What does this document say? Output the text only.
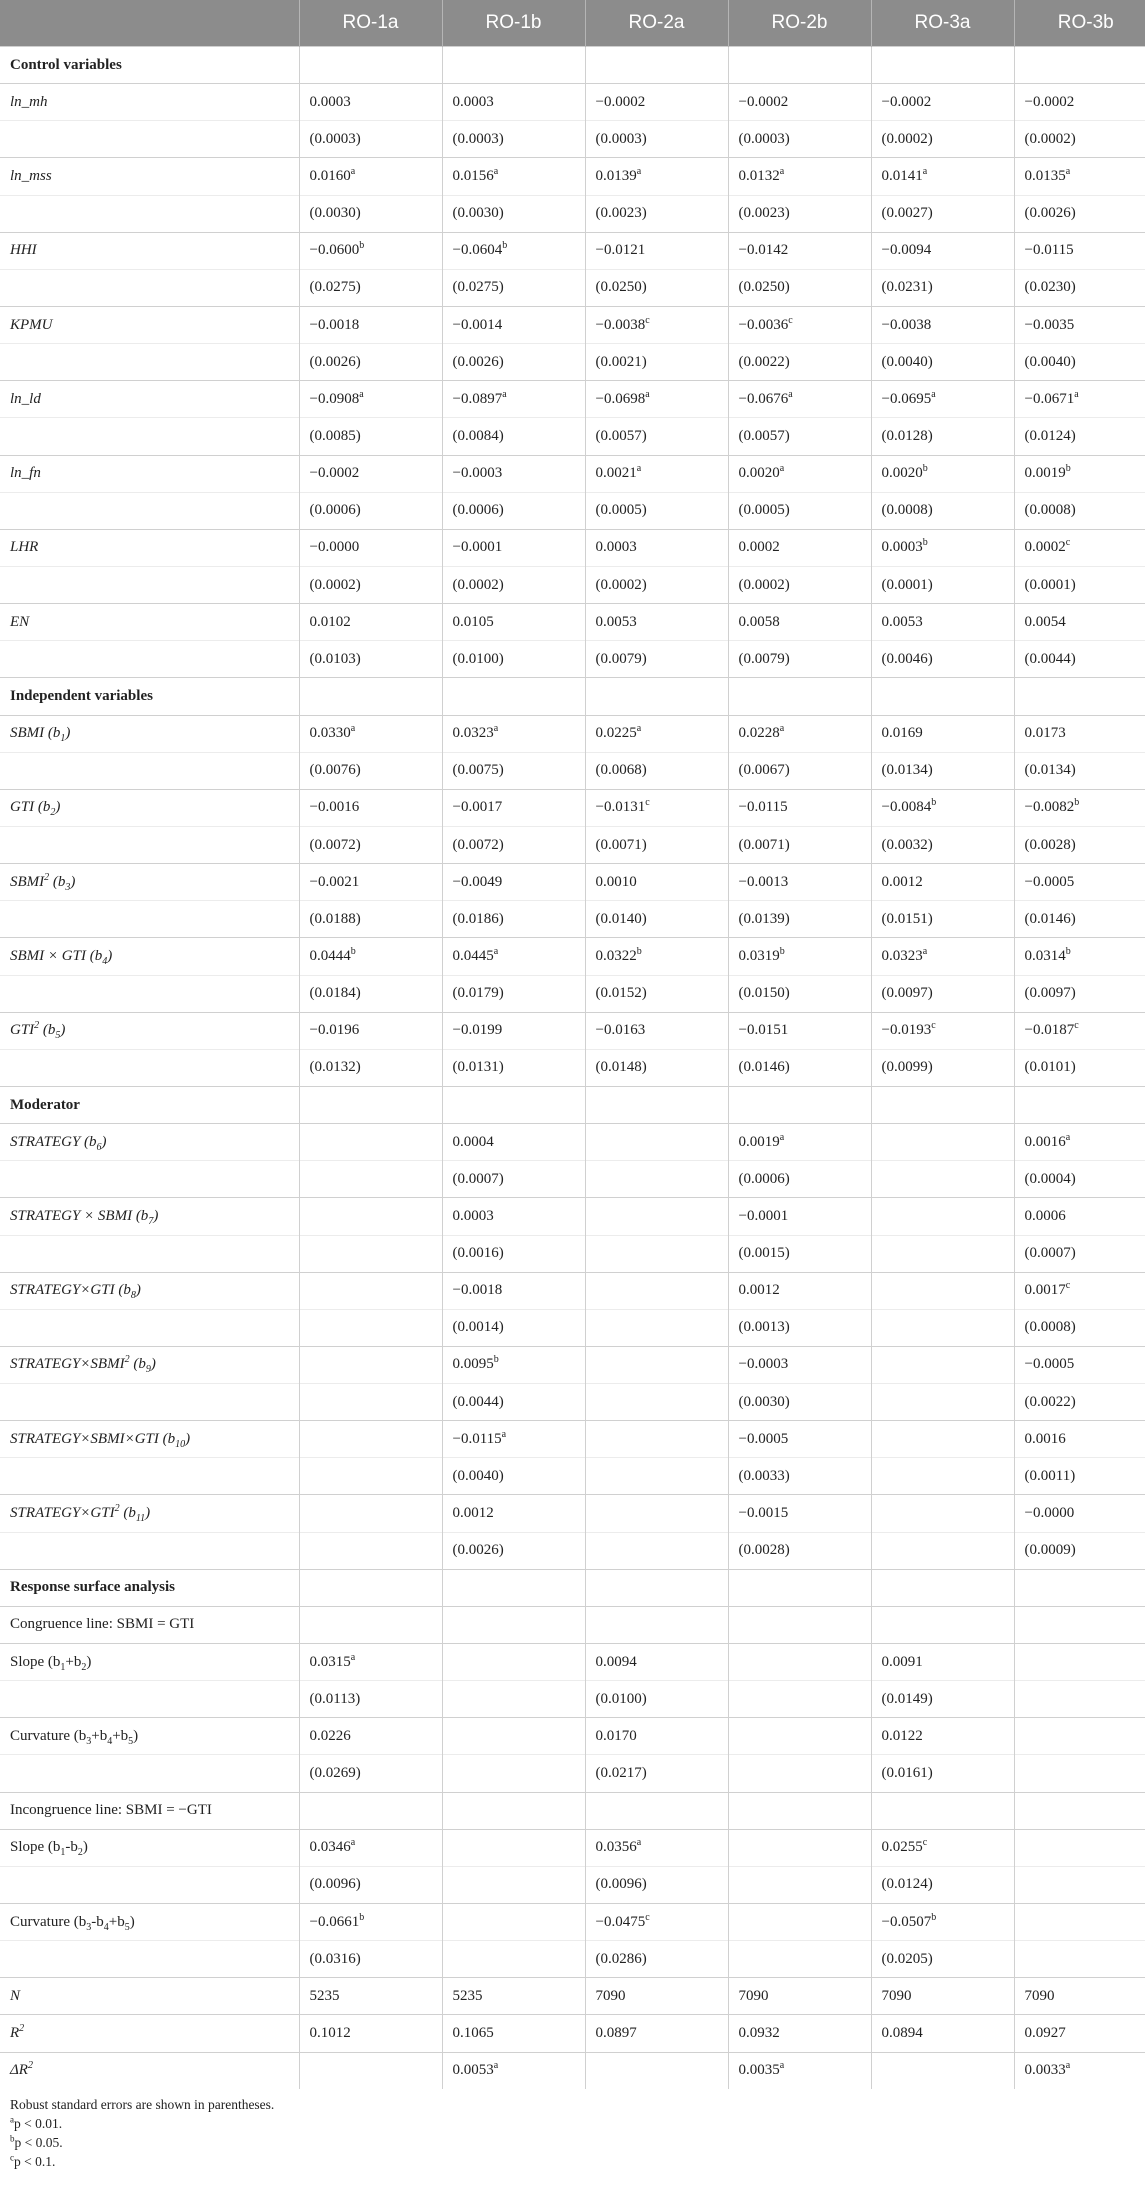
	RO-1a	RO-1b	RO-2a	RO-2b	RO-3a	RO-3b
Control variables						
ln_mh	0.0003	0.0003	−0.0002	−0.0002	−0.0002	−0.0002
	(0.0003)	(0.0003)	(0.0003)	(0.0003)	(0.0002)	(0.0002)
ln_mss	0.0160$^a$	0.0156$^a$	0.0139$^a$	0.0132$^a$	0.0141$^a$	0.0135$^a$
	(0.0030)	(0.0030)	(0.0023)	(0.0023)	(0.0027)	(0.0026)
HHI	−0.0600$^b$	−0.0604$^b$	−0.0121	−0.0142	−0.0094	−0.0115
	(0.0275)	(0.0275)	(0.0250)	(0.0250)	(0.0231)	(0.0230)
KPMU	−0.0018	−0.0014	−0.0038$^c$	−0.0036$^c$	−0.0038	−0.0035
	(0.0026)	(0.0026)	(0.0021)	(0.0022)	(0.0040)	(0.0040)
ln_ld	−0.0908$^a$	−0.0897$^a$	−0.0698$^a$	−0.0676$^a$	−0.0695$^a$	−0.0671$^a$
	(0.0085)	(0.0084)	(0.0057)	(0.0057)	(0.0128)	(0.0124)
ln_fn	−0.0002	−0.0003	0.0021$^a$	0.0020$^a$	0.0020$^b$	0.0019$^b$
	(0.0006)	(0.0006)	(0.0005)	(0.0005)	(0.0008)	(0.0008)
LHR	−0.0000	−0.0001	0.0003	0.0002	0.0003$^b$	0.0002$^c$
	(0.0002)	(0.0002)	(0.0002)	(0.0002)	(0.0001)	(0.0001)
EN	0.0102	0.0105	0.0053	0.0058	0.0053	0.0054
	(0.0103)	(0.0100)	(0.0079)	(0.0079)	(0.0046)	(0.0044)
Independent variables						
SBMI $(b_1)$	0.0330$^a$	0.0323$^a$	0.0225$^a$	0.0228$^a$	0.0169	0.0173
	(0.0076)	(0.0075)	(0.0068)	(0.0067)	(0.0134)	(0.0134)
GTI $(b_2)$	−0.0016	−0.0017	−0.0131$^c$	−0.0115	−0.0084$^b$	−0.0082$^b$
	(0.0072)	(0.0072)	(0.0071)	(0.0071)	(0.0032)	(0.0028)
SBMI$^2$ $(b_3)$	−0.0021	−0.0049	0.0010	−0.0013	0.0012	−0.0005
	(0.0188)	(0.0186)	(0.0140)	(0.0139)	(0.0151)	(0.0146)
SBMI × GTI $(b_4)$	0.0444$^b$	0.0445$^a$	0.0322$^b$	0.0319$^b$	0.0323$^a$	0.0314$^b$
	(0.0184)	(0.0179)	(0.0152)	(0.0150)	(0.0097)	(0.0097)
GTI$^2$ $(b_5)$	−0.0196	−0.0199	−0.0163	−0.0151	−0.0193$^c$	−0.0187$^c$
	(0.0132)	(0.0131)	(0.0148)	(0.0146)	(0.0099)	(0.0101)
Moderator						
STRATEGY $(b_6)$		0.0004		0.0019$^a$		0.0016$^a$
		(0.0007)		(0.0006)		(0.0004)
STRATEGY × SBMI $(b_7)$		0.0003		−0.0001		0.0006
		(0.0016)		(0.0015)		(0.0007)
STRATEGY×GTI $(b_8)$		−0.0018		0.0012		0.0017$^c$
		(0.0014)		(0.0013)		(0.0008)
$STRATEGY\times SBMI^2$ $(b_9)$		0.0095$^b$		−0.0003		−0.0005
		(0.0044)		(0.0030)		(0.0022)
STRATEGY×SBMI×GTI $(b_{10})$		−0.0115$^a$		−0.0005		0.0016
		(0.0040)		(0.0033)		(0.0011)
$STRATEGY\times GTI^2$ $(b_{11})$		0.0012		−0.0015		−0.0000
		(0.0026)		(0.0028)		(0.0009)
Response surface analysis						
Congruence line: SBMI = GTI						
Slope $(b_1+b_2)$	0.0315$^a$		0.0094		0.0091	
	(0.0113)		(0.0100)		(0.0149)	
Curvature $(b_3+b_4+b_5)$	0.0226		0.0170		0.0122	
	(0.0269)		(0.0217)		(0.0161)	
Incongruence line: SBMI = −GTI						
Slope $(b_1-b_2)$	0.0346$^a$		0.0356$^a$		0.0255$^c$	
	(0.0096)		(0.0096)		(0.0124)	
Curvature $(b_3-b_4+b_5)$	−0.0661$^b$		−0.0475$^c$		−0.0507$^b$	
	(0.0316)		(0.0286)		(0.0205)	
N	5235	5235	7090	7090	7090	7090
$R^2$	0.1012	0.1065	0.0897	0.0932	0.0894	0.0927
$\Delta R^2$		0.0053$^a$		0.0035$^a$		0.0033$^a$
Robust standard errors are shown in parentheses.
$^a$p < 0.01.
$^b$p < 0.05.
$^c$p < 0.1.
